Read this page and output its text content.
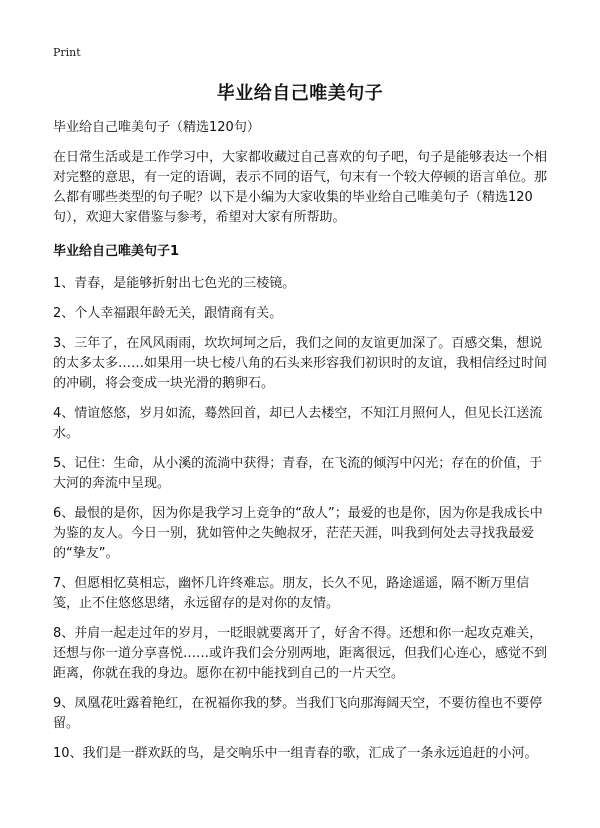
Print
毕业给自己唯美句子

毕业给自己唯美句子（精选120句）

在日常生活或是工作学习中，大家都收藏过自己喜欢的句子吧，句子是能够表达一个相对完整的意思，有一定的语调，表示不同的语气，句末有一个较大停顿的语言单位。那么都有哪些类型的句子呢？以下是小编为大家收集的毕业给自己唯美句子（精选120句），欢迎大家借鉴与参考，希望对大家有所帮助。

毕业给自己唯美句子1

1、青春，是能够折射出七色光的三棱镜。

2、个人幸福跟年龄无关，跟情商有关。

3、三年了，在风风雨雨，坎坎坷坷之后，我们之间的友谊更加深了。百感交集，想说的太多太多……如果用一块七棱八角的石头来形容我们初识时的友谊，我相信经过时间的冲刷，将会变成一块光滑的鹅卵石。

4、情谊悠悠，岁月如流，蓦然回首，却已人去楼空，不知江月照何人，但见长江送流水。

5、记住：生命，从小溪的流淌中获得；青春，在飞流的倾泻中闪光；存在的价值，于大河的奔流中呈现。

6、最恨的是你，因为你是我学习上竞争的“敌人”；最爱的也是你，因为你是我成长中为鉴的友人。今日一别，犹如管仲之失鲍叔牙，茫茫天涯，叫我到何处去寻找我最爱的“挚友”。

7、但愿相忆莫相忘，幽怀几许终难忘。朋友，长久不见，路途遥遥，隔不断万里信笺，止不住悠悠思绪，永远留存的是对你的友情。

8、并肩一起走过年的岁月，一眨眼就要离开了，好舍不得。还想和你一起攻克难关，还想与你一道分享喜悦……或许我们会分别两地，距离很远，但我们心连心，感觉不到距离，你就在我的身边。愿你在初中能找到自己的一片天空。

9、凤凰花吐露着艳红，在祝福你我的梦。当我们飞向那海阔天空，不要彷徨也不要停留。

10、我们是一群欢跃的鸟，是交响乐中一组青春的歌，汇成了一条永远追赶的小河。
